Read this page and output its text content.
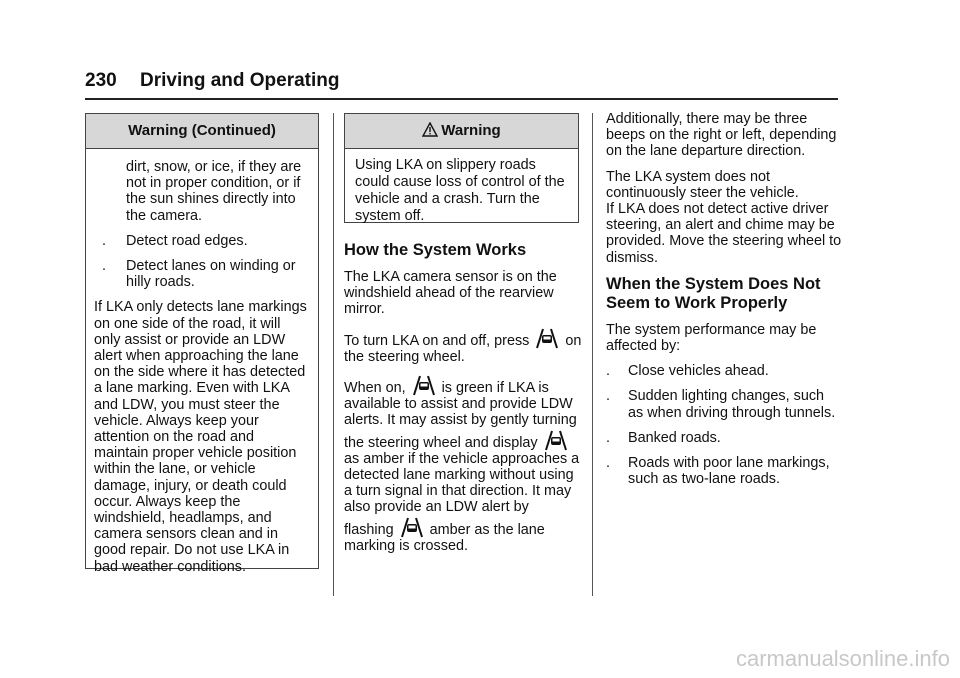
230 Driving and Operating
Warning (Continued)

dirt, snow, or ice, if they are not in proper condition, or if the sun shines directly into the camera.

.	Detect road edges.
.	Detect lanes on winding or hilly roads.

If LKA only detects lane markings on one side of the road, it will only assist or provide an LDW alert when approaching the lane on the side where it has detected a lane marking. Even with LKA and LDW, you must steer the vehicle. Always keep your attention on the road and maintain proper vehicle position within the lane, or vehicle damage, injury, or death could occur. Always keep the windshield, headlamps, and camera sensors clean and in good repair. Do not use LKA in bad weather conditions.

Warning
Using LKA on slippery roads could cause loss of control of the vehicle and a crash. Turn the system off.
How the System Works

The LKA camera sensor is on the windshield ahead of the rearview mirror.

To turn LKA on and off, press	on the steering wheel.

When on,	is green if LKA is available to assist and provide LDW alerts. It may assist by gently turning the steering wheel and display  as amber if the vehicle approaches a detected lane marking without using a turn signal in that direction. It may also provide an LDW alert by flashing	amber as the lane marking is crossed.

Additionally, there may be three beeps on the right or left, depending on the lane departure direction.

The LKA system does not continuously steer the vehicle.
If LKA does not detect active driver steering, an alert and chime may be provided. Move the steering wheel to dismiss.

When the System Does Not Seem to Work Properly

The system performance may be affected by:

.	Close vehicles ahead.
.	Sudden lighting changes, such as when driving through tunnels.
.	Banked roads.
.	Roads with poor lane markings, such as two-lane roads.
carmanualsonline.info
